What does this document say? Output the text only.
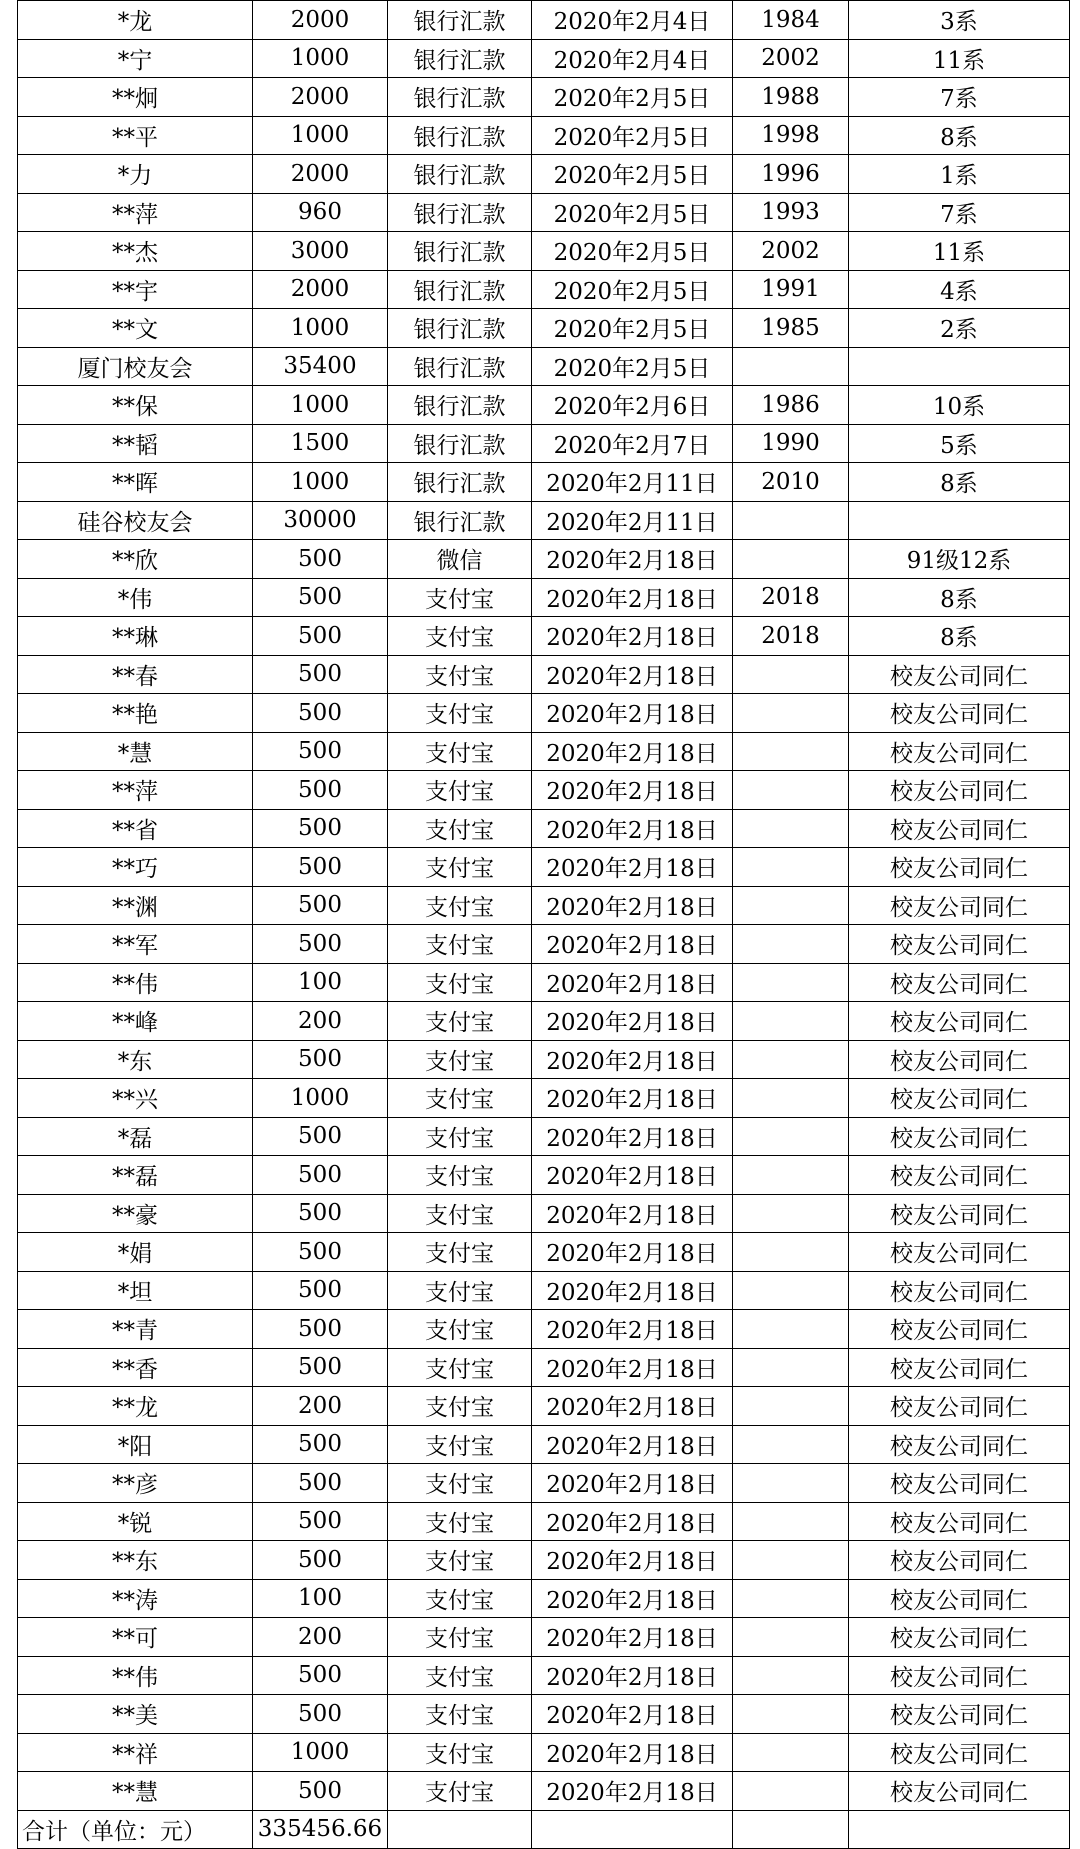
*龙	2000	银行汇款	2020年2月4日	1984	3系
*宁	1000	银行汇款	2020年2月4日	2002	11系
**炯	2000	银行汇款	2020年2月5日	1988	7系
**平	1000	银行汇款	2020年2月5日	1998	8系
*力	2000	银行汇款	2020年2月5日	1996	1系
**萍	960	银行汇款	2020年2月5日	1993	7系
**杰	3000	银行汇款	2020年2月5日	2002	11系
**宇	2000	银行汇款	2020年2月5日	1991	4系
**文	1000	银行汇款	2020年2月5日	1985	2系
厦门校友会	35400	银行汇款	2020年2月5日		
**保	1000	银行汇款	2020年2月6日	1986	10系
**韬	1500	银行汇款	2020年2月7日	1990	5系
**晖	1000	银行汇款	2020年2月11日	2010	8系
硅谷校友会	30000	银行汇款	2020年2月11日		
**欣	500	微信	2020年2月18日		91级12系
*伟	500	支付宝	2020年2月18日	2018	8系
**琳	500	支付宝	2020年2月18日	2018	8系
**春	500	支付宝	2020年2月18日		校友公司同仁
**艳	500	支付宝	2020年2月18日		校友公司同仁
*慧	500	支付宝	2020年2月18日		校友公司同仁
**萍	500	支付宝	2020年2月18日		校友公司同仁
**省	500	支付宝	2020年2月18日		校友公司同仁
**巧	500	支付宝	2020年2月18日		校友公司同仁
**渊	500	支付宝	2020年2月18日		校友公司同仁
**军	500	支付宝	2020年2月18日		校友公司同仁
**伟	100	支付宝	2020年2月18日		校友公司同仁
**峰	200	支付宝	2020年2月18日		校友公司同仁
*东	500	支付宝	2020年2月18日		校友公司同仁
**兴	1000	支付宝	2020年2月18日		校友公司同仁
*磊	500	支付宝	2020年2月18日		校友公司同仁
**磊	500	支付宝	2020年2月18日		校友公司同仁
**豪	500	支付宝	2020年2月18日		校友公司同仁
*娟	500	支付宝	2020年2月18日		校友公司同仁
*坦	500	支付宝	2020年2月18日		校友公司同仁
**青	500	支付宝	2020年2月18日		校友公司同仁
**香	500	支付宝	2020年2月18日		校友公司同仁
**龙	200	支付宝	2020年2月18日		校友公司同仁
*阳	500	支付宝	2020年2月18日		校友公司同仁
**彦	500	支付宝	2020年2月18日		校友公司同仁
*锐	500	支付宝	2020年2月18日		校友公司同仁
**东	500	支付宝	2020年2月18日		校友公司同仁
**涛	100	支付宝	2020年2月18日		校友公司同仁
**可	200	支付宝	2020年2月18日		校友公司同仁
**伟	500	支付宝	2020年2月18日		校友公司同仁
**美	500	支付宝	2020年2月18日		校友公司同仁
**祥	1000	支付宝	2020年2月18日		校友公司同仁
**慧	500	支付宝	2020年2月18日		校友公司同仁
合计（单位：元）	335456.66				
